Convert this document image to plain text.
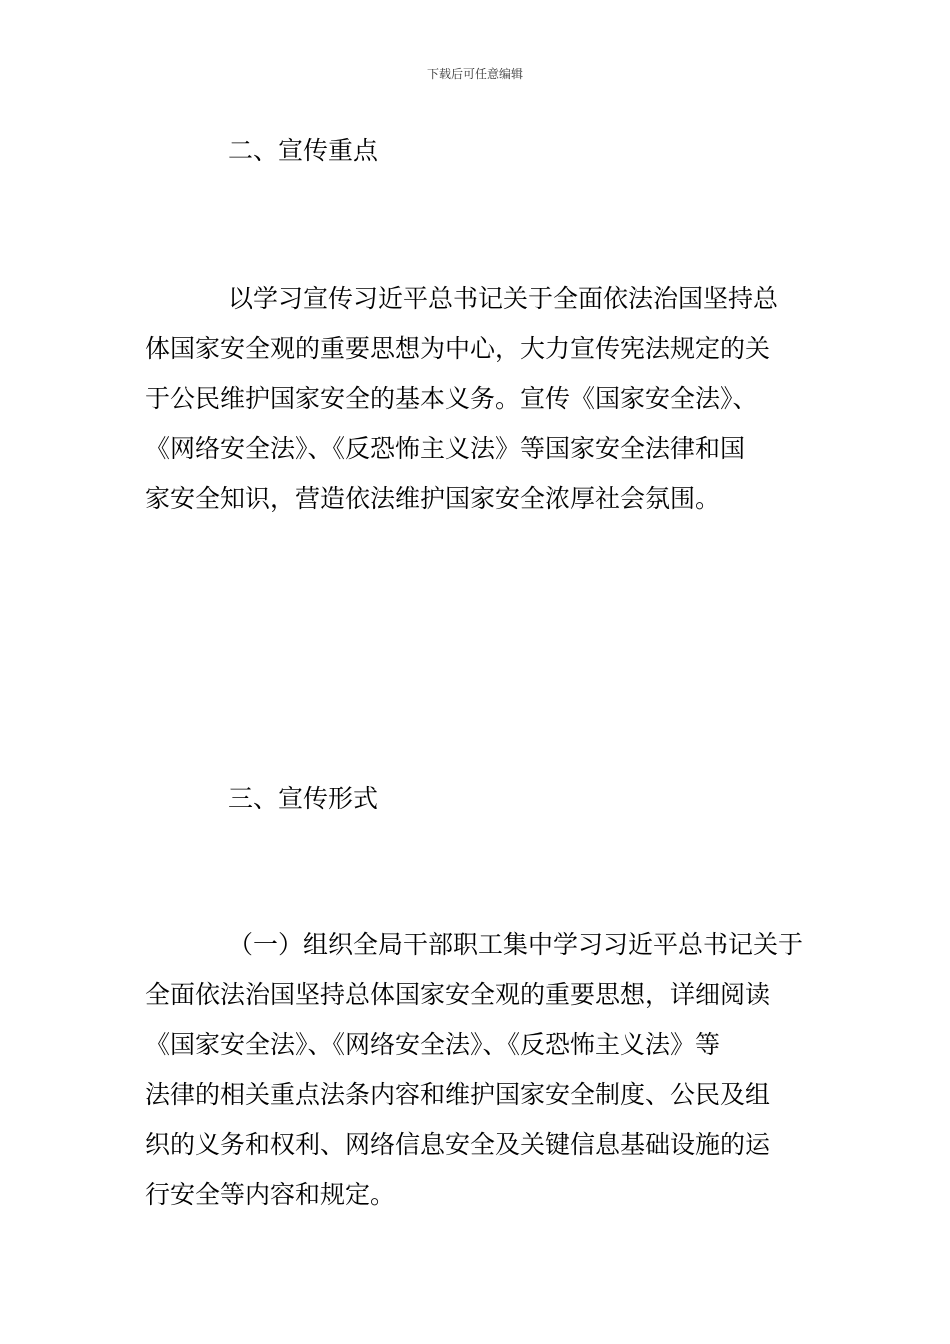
下载后可任意编辑
二、宣传重点
以学习宣传习近平总书记关于全面依法治国坚持总
体国家安全观的重要思想为中心，大力宣传宪法规定的关
于公民维护国家安全的基本义务。宣传《国家安全法》、
《网络安全法》、《反恐怖主义法》等国家安全法律和国
家安全知识，营造依法维护国家安全浓厚社会氛围。
三、宣传形式
（一）组织全局干部职工集中学习习近平总书记关于
全面依法治国坚持总体国家安全观的重要思想，详细阅读
《国家安全法》、《网络安全法》、《反恐怖主义法》等
法律的相关重点法条内容和维护国家安全制度、公民及组
织的义务和权利、网络信息安全及关键信息基础设施的运
行安全等内容和规定。
